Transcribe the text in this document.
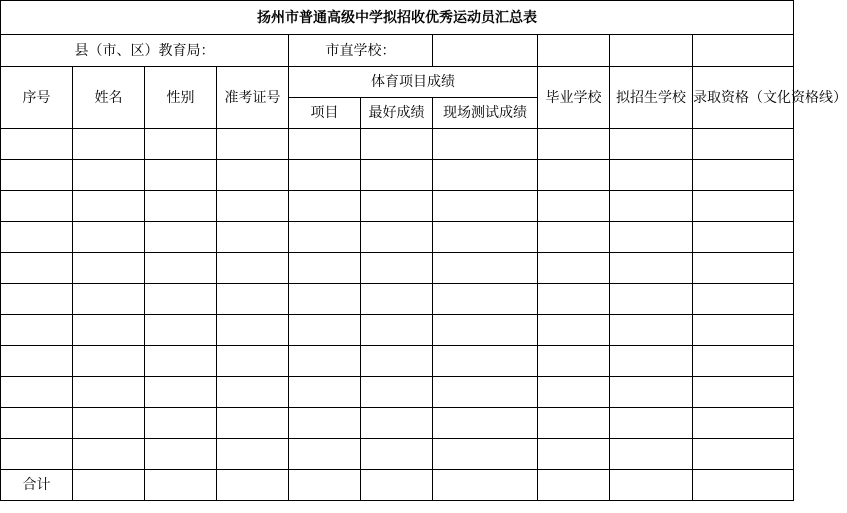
扬州市普通高级中学拟招收优秀运动员汇总表									
县（市、区）教育局：				市直学校：					
序号	姓名	性别	准考证号	体育项目成绩			毕业学校	拟招生学校	录取资格（文化资格线）
				项目	最好成绩	现场测试成绩			

合计									
